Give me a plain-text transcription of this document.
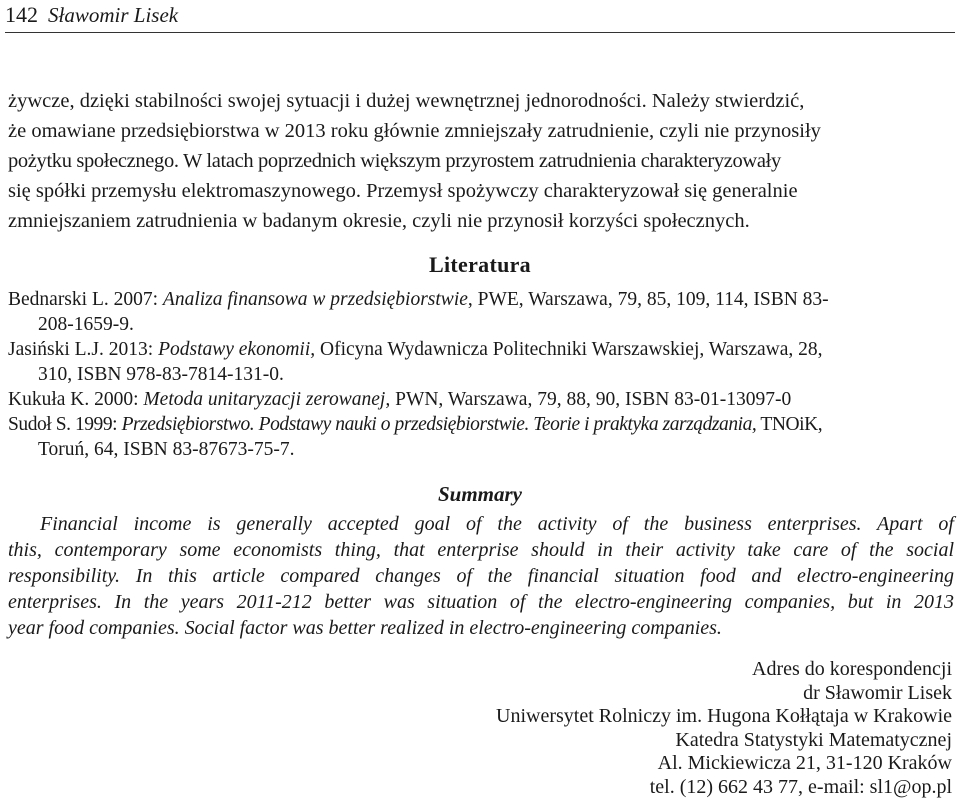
142 Sławomir Lisek
żywcze, dzięki stabilności swojej sytuacji i dużej wewnętrznej jednorodności. Należy stwierdzić,
że omawiane przedsiębiorstwa w 2013 roku głównie zmniejszały zatrudnienie, czyli nie przynosiły
pożytku społecznego. W latach poprzednich większym przyrostem zatrudnienia charakteryzowały
się spółki przemysłu elektromaszynowego. Przemysł spożywczy charakteryzował się generalnie
zmniejszaniem zatrudnienia w badanym okresie, czyli nie przynosił korzyści społecznych.
Literatura
Bednarski L. 2007: Analiza finansowa w przedsiębiorstwie, PWE, Warszawa, 79, 85, 109, 114, ISBN 83-
208-1659-9.
Jasiński L.J. 2013: Podstawy ekonomii, Oficyna Wydawnicza Politechniki Warszawskiej, Warszawa, 28,
310, ISBN 978-83-7814-131-0.
Kukuła K. 2000: Metoda unitaryzacji zerowanej, PWN, Warszawa, 79, 88, 90, ISBN 83-01-13097-0
Sudoł S. 1999: Przedsiębiorstwo. Podstawy nauki o przedsiębiorstwie. Teorie i praktyka zarządzania, TNOiK,
Toruń, 64, ISBN 83-87673-75-7.
Summary
Financial income is generally accepted goal of the activity of the business enterprises. Apart of
this, contemporary some economists thing, that enterprise should in their activity take care of the social
responsibility. In this article compared changes of the financial situation food and electro-engineering
enterprises. In the years 2011-212 better was situation of the electro-engineering companies, but in 2013
year food companies. Social factor was better realized in electro-engineering companies.
Adres do korespondencji
dr Sławomir Lisek
Uniwersytet Rolniczy im. Hugona Kołłątaja w Krakowie
Katedra Statystyki Matematycznej
Al. Mickiewicza 21, 31-120 Kraków
tel. (12) 662 43 77, e-mail: sl1@op.pl
